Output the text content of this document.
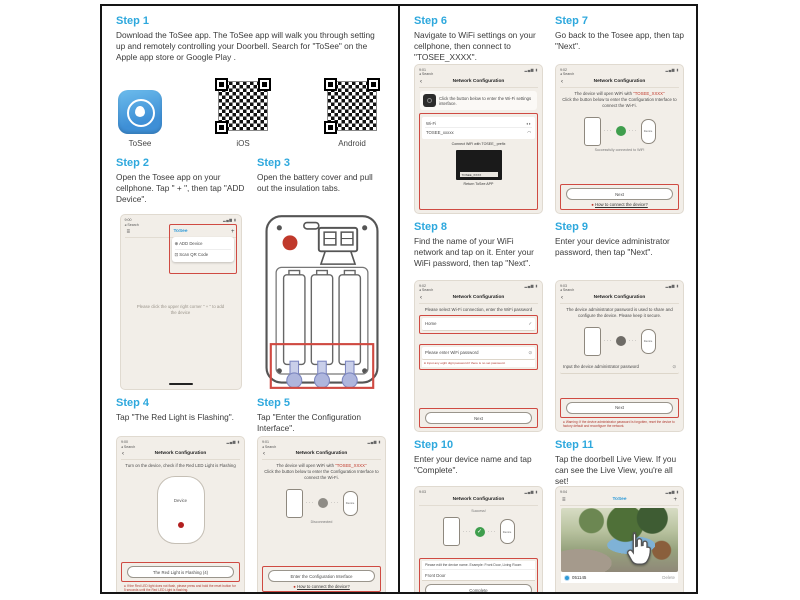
Step 1
Download the ToSee app. The ToSee app will walk you through setting up and remotely controlling your Doorbell. Search for "ToSee" on the Apple app store or Google Play .
ToSee	iOS	Android
Step 2
Open the Tosee app on your cellphone. Tap " + ", then tap "ADD Device".
Step 3
Open the battery cover and pull out the insulation tabs.
9:00
◂ Search
▂▄▆ ▮
≡	ToSee	+
⊕ ADD Device
⊡ Scan QR Code
Please click the upper right corner " + " to add the device
Step 4
Tap "The Red Light is Flashing".
Step 5
Tap "Enter the Configuration Interface".
9:00
◂ Search
▂▄▆ ▮
‹	Network Configuration
Turn on the device, check if the Red LED Light is Flashing
Device
The Red Light is Flashing (4)
● If the Red LED light does not flash, please press and hold the reset button for 5 seconds until the Red LED Light is flashing.
9:01
◂ Search
▂▄▆ ▮
‹	Network Configuration
The device will open WiFi with "TOSEE_XXXX"
Click the button below to enter the Configuration Interface to connect the Wi-Fi.
···	··· Device
Disconnected
Enter the Configuration Interface
● How to connect the device?
Step 6
Navigate to WiFi settings on your cellphone, then connect to "TOSEE_XXXX".
Step 7
Go back to the Tosee app, then tap "Next".
9:01
◂ Search
▂▄▆ ▮
‹	Network Configuration
Click the button below to enter the Wi-Fi settings interface.
Wi-Fi	◖◗
TOSEE_xxxxx	◠
Connect WiFi with TOSEE_ prefix
TOSEE_XXXX
Return ToSee APP
9:02
◂ Search
▂▄▆ ▮
‹	Network Configuration
The device will open WiFi with "TOSEE_XXXX"
Click the button below to enter the Configuration Interface to connect the Wi-Fi.
···	··· Device
Successfully connected to WiFi
Next
● How to connect the device?
Step 8
Find the name of your WiFi network and tap on it. Enter your WiFi password, then tap "Next".
Step 9
Enter your device administrator password, then tap "Next".
9:02
◂ Search
▂▄▆ ▮
‹	Network Configuration
Please select Wi-Fi connection, enter the WiFi password
Home	✓
Please enter WiFi password	⊙
● Input any eight digit password if there is no set password.
Next
9:03
◂ Search
▂▄▆ ▮
‹	Network Configuration
The device administrator password is used to share and configure the device. Please keep it secure.
···	··· Device
Input the device administrator password	⊙
Next
● Warning: If the device administrator password is forgotten, reset the device to factory default and reconfigure the network.
Step 10
Enter your device name and tap "Complete".
Step 11
Tap the doorbell Live View. If you can see the Live View, you're all set!
9:03	▂▄▆ ▮
Network Configuration
Success!
··· ✓ ··· Device
Please edit the device name. Example: Front Door, Living Room
Front Door
Complete
9:04	▂▄▆ ▮
≡	ToSee	+
051145	Delete
